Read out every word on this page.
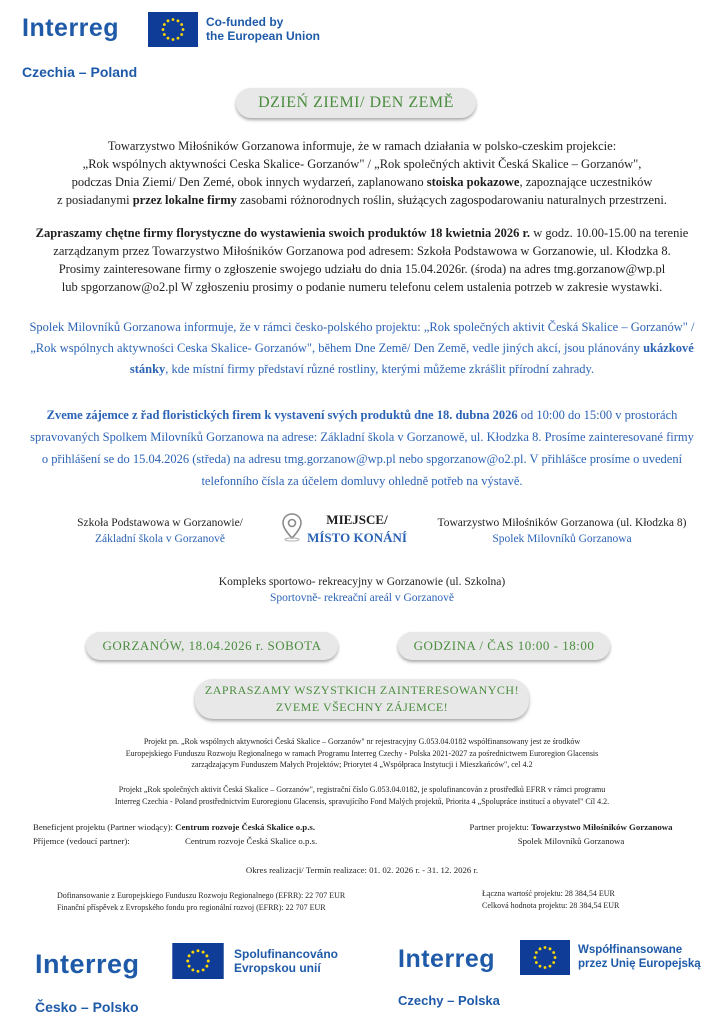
Interreg	Co-funded by
the European Union
Czechia – Poland
DZIEŃ ZIEMI/ DEN ZEMĚ
Towarzystwo Miłośników Gorzanowa informuje, że w ramach działania w polsko-czeskim projekcie:
„Rok wspólnych aktywności Ceska Skalice- Gorzanów" / „Rok společných aktivit Česká Skalice – Gorzanów",
podczas Dnia Ziemi/ Den Zemé, obok innych wydarzeń, zaplanowano stoiska pokazowe, zapoznające uczestników
z posiadanymi przez lokalne firmy zasobami różnorodnych roślin, służących zagospodarowaniu naturalnych przestrzeni.
Zapraszamy chętne firmy florystyczne do wystawienia swoich produktów 18 kwietnia 2026 r. w godz. 10.00-15.00 na terenie
zarządzanym przez Towarzystwo Miłośników Gorzanowa pod adresem: Szkoła Podstawowa w Gorzanowie, ul. Kłodzka 8.
Prosimy zainteresowane firmy o zgłoszenie swojego udziału do dnia 15.04.2026r. (środa) na adres tmg.gorzanow@wp.pl
lub spgorzanow@o2.pl W zgłoszeniu prosimy o podanie numeru telefonu celem ustalenia potrzeb w zakresie wystawki.
Spolek Milovníků Gorzanowa informuje, že v rámci česko-polského projektu: „Rok společných aktivit Česká Skalice – Gorzanów" /
„Rok wspólnych aktywności Ceska Skalice- Gorzanów", během Dne Země/ Den Země, vedle jiných akcí, jsou plánovány ukázkové
stánky, kde místní firmy představí různé rostliny, kterými můžeme zkrášlit přírodní zahrady.
Zveme zájemce z řad floristických firem k vystavení svých produktů dne 18. dubna 2026 od 10:00 do 15:00 v prostorách
spravovaných Spolkem Milovníků Gorzanowa na adrese: Základní škola v Gorzanowě, ul. Kłodzka 8. Prosíme zainteresované firmy
o přihlášení se do 15.04.2026 (středa) na adresu tmg.gorzanow@wp.pl nebo spgorzanow@o2.pl. V přihlášce prosíme o uvedení
telefonního čísla za účelem domluvy ohledně potřeb na výstavě.
Szkoła Podstawowa w Gorzanowie/
Základní škola v Gorzanově
MIEJSCE/
MÍSTO KONÁNÍ
Towarzystwo Miłośników Gorzanowa (ul. Kłodzka 8)
Spolek Milovníků Gorzanowa
Kompleks sportowo- rekreacyjny w Gorzanowie (ul. Szkolna)
Sportovně- rekreační areál v Gorzanově
GORZANÓW, 18.04.2026 r. SOBOTA	GODZINA / ČAS 10:00 - 18:00
ZAPRASZAMY WSZYSTKICH ZAINTERESOWANYCH!
ZVEME VŠECHNY ZÁJEMCE!
Projekt pn. „Rok wspólnych aktywności Česká Skalice – Gorzanów" nr rejestracyjny G.053.04.0182 współfinansowany jest ze środków
Europejskiego Funduszu Rozwoju Regionalnego w ramach Programu Interreg Czechy - Polska 2021-2027 za pośrednictwem Euroregion Glacensis
zarządzającym Funduszem Małych Projektów; Priorytet 4 „Współpraca Instytucji i Mieszkańców", cel 4.2
Projekt „Rok společných aktivit Česká Skalice – Gorzanów", registrační číslo G.053.04.0182, je spolufinancován z prostředků EFRR v rámci programu
Interreg Czechia - Poland prostřednictvím Euroregionu Glacensis, spravujícího Fond Malých projektů, Priorita 4 „Spolupráce institucí a obyvatel" Cíl 4.2.
Beneficjent projektu (Partner wiodący): Centrum rozvoje Česká Skalice o.p.s.
Příjemce (vedoucí partner):	Centrum rozvoje Česká Skalice o.p.s.
Partner projektu: Towarzystwo Miłośników Gorzanowa
Spolek Milovníků Gorzanowa
Okres realizacji/ Termín realizace: 01. 02. 2026 r. - 31. 12. 2026 r.
Dofinansowanie z Europejskiego Funduszu Rozwoju Regionalnego (EFRR): 22 707 EUR
Finanční příspěvek z Evropského fondu pro regionální rozvoj (EFRR): 22 707 EUR
Łączna wartość projektu: 28 384,54 EUR
Celková hodnota projektu: 28 384,54 EUR
Interreg	Spolufinancováno
Evropskou unií
Česko – Polsko
Interreg	Współfinansowane
przez Unię Europejską
Czechy – Polska
